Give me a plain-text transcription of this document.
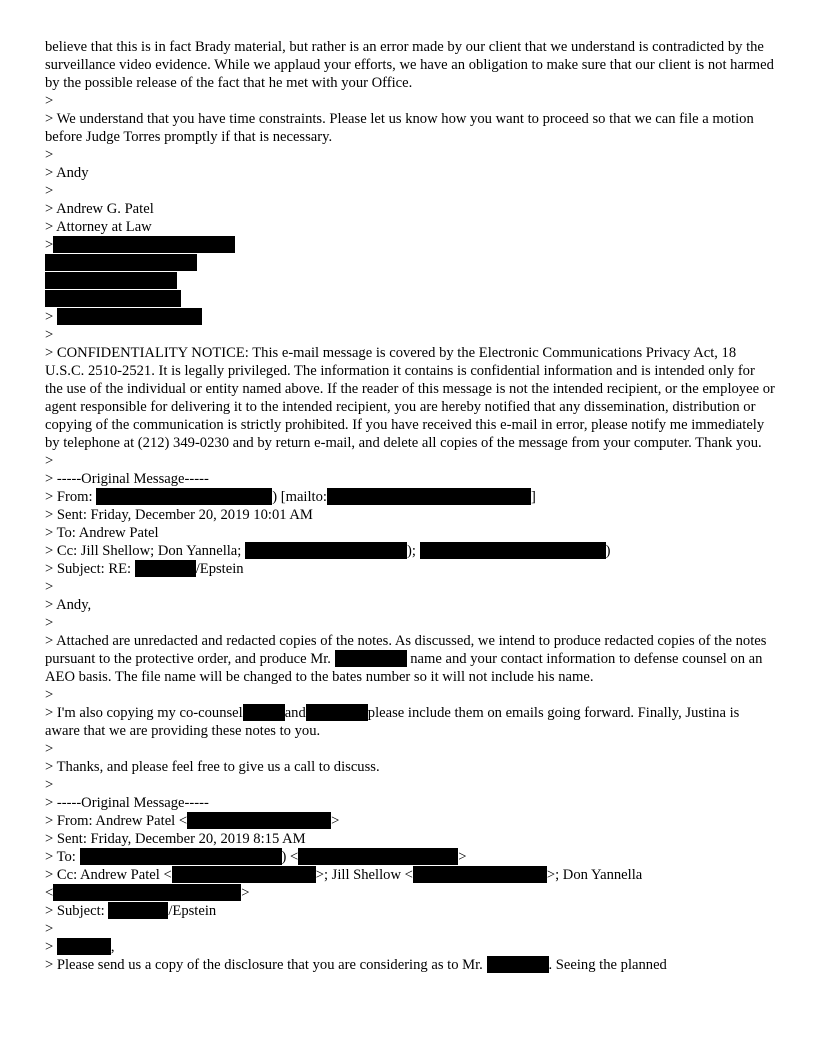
believe that this is in fact Brady material, but rather is an error made by our client that we understand is contradicted by the surveillance video evidence. While we applaud your efforts, we have an obligation to make sure that our client is not harmed by the possible release of the fact that he met with your Office.
>
> We understand that you have time constraints. Please let us know how you want to proceed so that we can file a motion before Judge Torres promptly if that is necessary.
>
> Andy
>
> Andrew G. Patel
> Attorney at Law
>
>
>
> CONFIDENTIALITY NOTICE: This e-mail message is covered by the Electronic Communications Privacy Act, 18 U.S.C. 2510-2521. It is legally privileged. The information it contains is confidential information and is intended only for the use of the individual or entity named above. If the reader of this message is not the intended recipient, or the employee or agent responsible for delivering it to the intended recipient, you are hereby notified that any dissemination, distribution or copying of the communication is strictly prohibited. If you have received this e-mail in error, please notify me immediately by telephone at (212) 349-0230 and by return e-mail, and delete all copies of the message from your computer. Thank you.
>
> -----Original Message-----
> From:	) [mailto:	]
> Sent: Friday, December 20, 2019 10:01 AM
> To: Andrew Patel
> Cc: Jill Shellow; Don Yannella;	);	)
> Subject: RE:	/Epstein
>
> Andy,
>
> Attached are unredacted and redacted copies of the notes. As discussed, we intend to produce redacted copies of the notes pursuant to the protective order, and produce Mr.	name and your contact information to defense counsel on an AEO basis. The file name will be changed to the bates number so it will not include his name.
>
> I'm also copying my co-counsel	and	please include them on emails going forward. Finally, Justina is aware that we are providing these notes to you.
>
> Thanks, and please feel free to give us a call to discuss.
>
> -----Original Message-----
> From: Andrew Patel <	>
> Sent: Friday, December 20, 2019 8:15 AM
> To:	) <	>
> Cc: Andrew Patel <	>; Jill Shellow <	>; Don Yannella
<	>
> Subject:	/Epstein
>
>	,
> Please send us a copy of the disclosure that you are considering as to Mr.	. Seeing the planned
